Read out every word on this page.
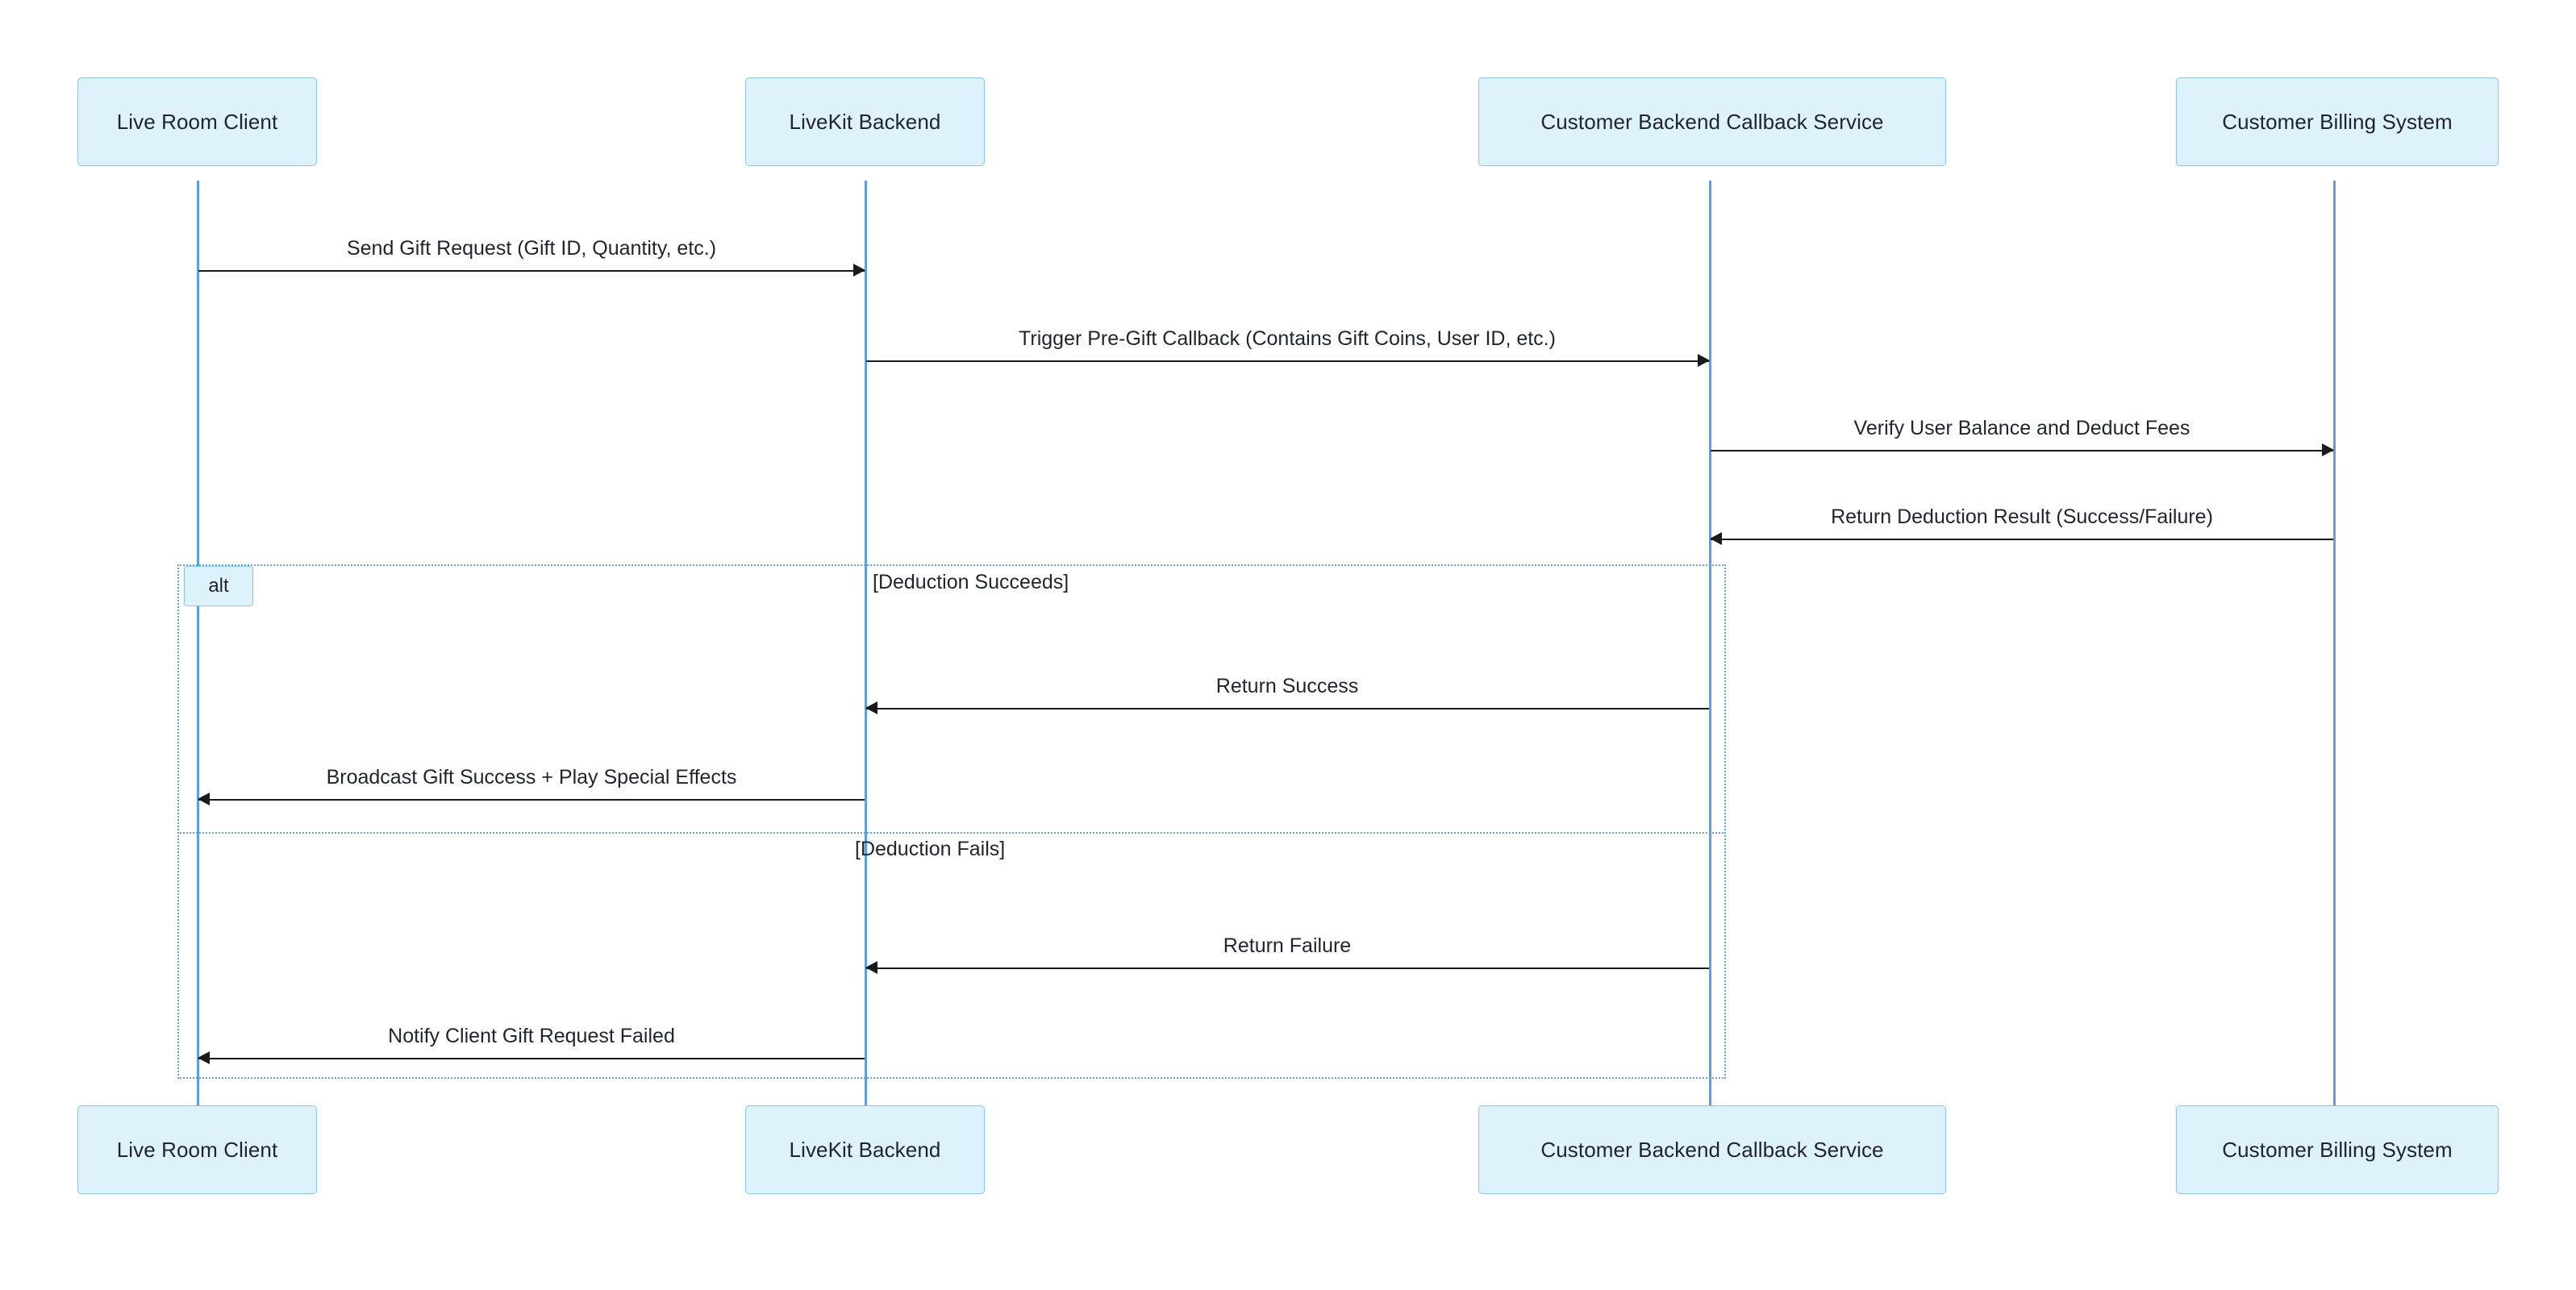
Live Room Client	LiveKit Backend	Customer Backend Callback Service	Customer Billing System
Live Room Client	LiveKit Backend	Customer Backend Callback Service	Customer Billing System
alt	[Deduction Succeeds]
[Deduction Fails]
Send Gift Request (Gift ID, Quantity, etc.)
Trigger Pre-Gift Callback (Contains Gift Coins, User ID, etc.)
Verify User Balance and Deduct Fees
Return Deduction Result (Success/Failure)
Return Success
Broadcast Gift Success + Play Special Effects
Return Failure
Notify Client Gift Request Failed
